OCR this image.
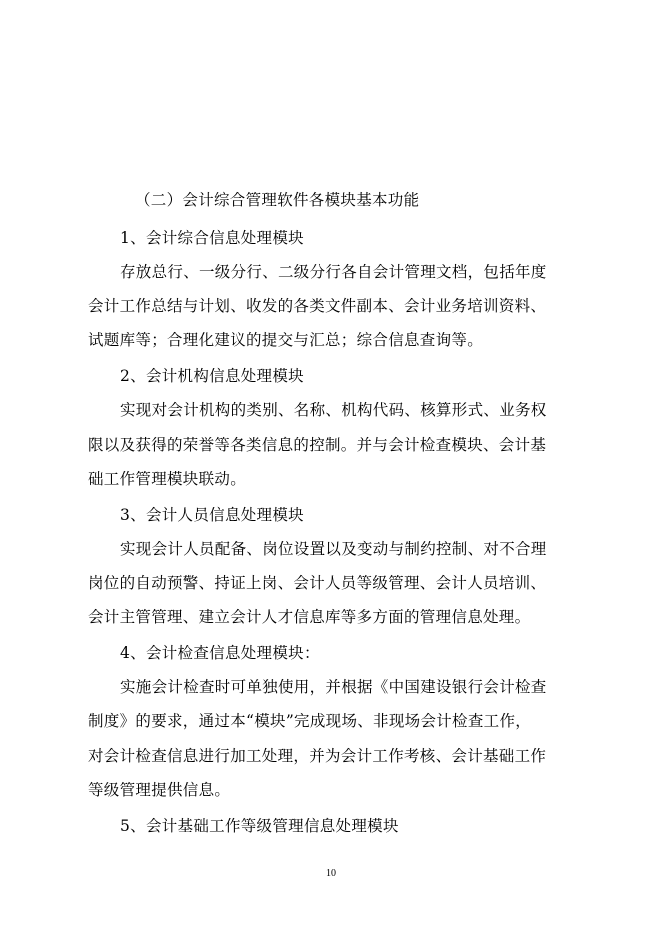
（二）会计综合管理软件各模块基本功能
1、会计综合信息处理模块
存放总行、一级分行、二级分行各自会计管理文档，包括年度
会计工作总结与计划、收发的各类文件副本、会计业务培训资料、
试题库等；合理化建议的提交与汇总；综合信息查询等。
2、会计机构信息处理模块
实现对会计机构的类别、名称、机构代码、核算形式、业务权
限以及获得的荣誉等各类信息的控制。并与会计检查模块、会计基
础工作管理模块联动。
3、会计人员信息处理模块
实现会计人员配备、岗位设置以及变动与制约控制、对不合理
岗位的自动预警、持证上岗、会计人员等级管理、会计人员培训、
会计主管管理、建立会计人才信息库等多方面的管理信息处理。
4、会计检查信息处理模块：
实施会计检查时可单独使用，并根据《中国建设银行会计检查
制度》的要求，通过本“模块”完成现场、非现场会计检查工作，
对会计检查信息进行加工处理，并为会计工作考核、会计基础工作
等级管理提供信息。
5、会计基础工作等级管理信息处理模块
10
